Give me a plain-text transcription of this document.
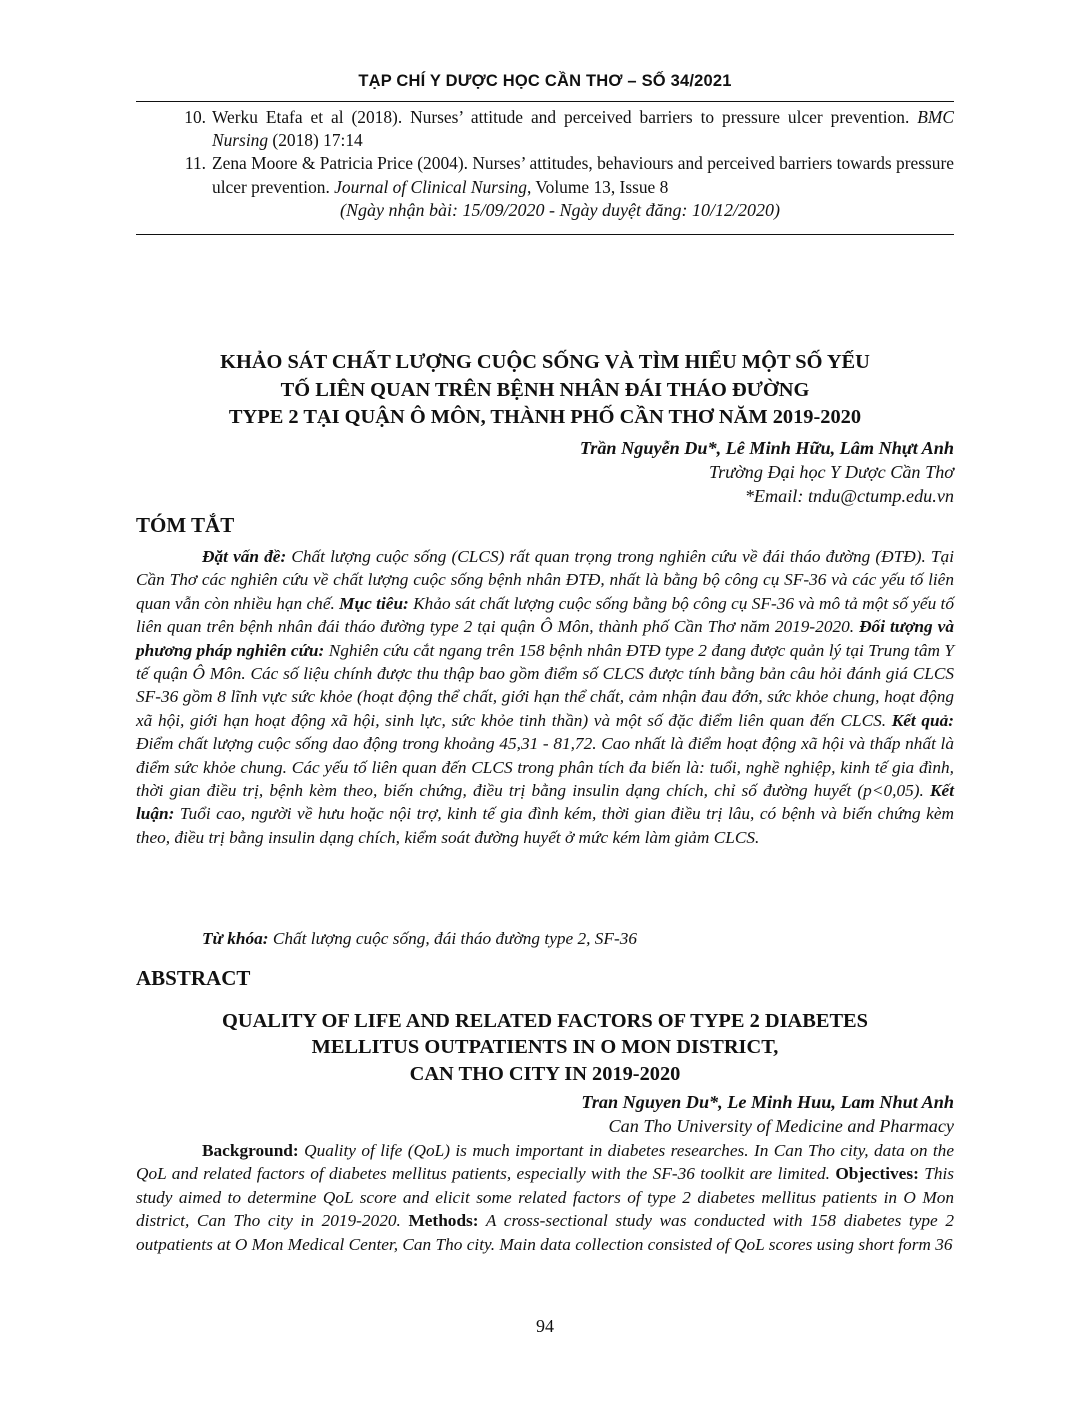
TẠP CHÍ Y DƯỢC HỌC CẦN THƠ – SỐ 34/2021
10. Werku Etafa et al (2018). Nurses’ attitude and perceived barriers to pressure ulcer prevention. BMC Nursing (2018) 17:14
11. Zena Moore & Patricia Price (2004). Nurses’ attitudes, behaviours and perceived barriers towards pressure ulcer prevention. Journal of Clinical Nursing, Volume 13, Issue 8
(Ngày nhận bài: 15/09/2020 - Ngày duyệt đăng: 10/12/2020)
KHẢO SÁT CHẤT LƯỢNG CUỘC SỐNG VÀ TÌM HIỂU MỘT SỐ YẾU
TỐ LIÊN QUAN TRÊN BỆNH NHÂN ĐÁI THÁO ĐƯỜNG
TYPE 2 TẠI QUẬN Ô MÔN, THÀNH PHỐ CẦN THƠ NĂM 2019-2020
Trần Nguyễn Du*, Lê Minh Hữu, Lâm Nhựt Anh
Trường Đại học Y Dược Cần Thơ
*Email: tndu@ctump.edu.vn
TÓM TẮT

Đặt vấn đề: Chất lượng cuộc sống (CLCS) rất quan trọng trong nghiên cứu về đái tháo đường (ĐTĐ). Tại Cần Thơ các nghiên cứu về chất lượng cuộc sống bệnh nhân ĐTĐ, nhất là bằng bộ công cụ SF-36 và các yếu tố liên quan vẫn còn nhiều hạn chế. Mục tiêu: Khảo sát chất lượng cuộc sống bằng bộ công cụ SF-36 và mô tả một số yếu tố liên quan trên bệnh nhân đái tháo đường type 2 tại quận Ô Môn, thành phố Cần Thơ năm 2019-2020. Đối tượng và phương pháp nghiên cứu: Nghiên cứu cắt ngang trên 158 bệnh nhân ĐTĐ type 2 đang được quản lý tại Trung tâm Y tế quận Ô Môn. Các số liệu chính được thu thập bao gồm điểm số CLCS được tính bằng bản câu hỏi đánh giá CLCS SF-36 gồm 8 lĩnh vực sức khỏe (hoạt động thể chất, giới hạn thể chất, cảm nhận đau đớn, sức khỏe chung, hoạt động xã hội, giới hạn hoạt động xã hội, sinh lực, sức khỏe tinh thần) và một số đặc điểm liên quan đến CLCS. Kết quả: Điểm chất lượng cuộc sống dao động trong khoảng 45,31 - 81,72. Cao nhất là điểm hoạt động xã hội và thấp nhất là điểm sức khỏe chung. Các yếu tố liên quan đến CLCS trong phân tích đa biến là: tuổi, nghề nghiệp, kinh tế gia đình, thời gian điều trị, bệnh kèm theo, biến chứng, điều trị bằng insulin dạng chích, chỉ số đường huyết (p<0,05). Kết luận: Tuổi cao, người về hưu hoặc nội trợ, kinh tế gia đình kém, thời gian điều trị lâu, có bệnh và biến chứng kèm theo, điều trị bằng insulin dạng chích, kiểm soát đường huyết ở mức kém làm giảm CLCS.

Từ khóa: Chất lượng cuộc sống, đái tháo đường type 2, SF-36
ABSTRACT
QUALITY OF LIFE AND RELATED FACTORS OF TYPE 2 DIABETES
MELLITUS OUTPATIENTS IN O MON DISTRICT,
CAN THO CITY IN 2019-2020
Tran Nguyen Du*, Le Minh Huu, Lam Nhut Anh
Can Tho University of Medicine and Pharmacy

Background: Quality of life (QoL) is much important in diabetes researches. In Can Tho city, data on the QoL and related factors of diabetes mellitus patients, especially with the SF-36 toolkit are limited. Objectives: This study aimed to determine QoL score and elicit some related factors of type 2 diabetes mellitus patients in O Mon district, Can Tho city in 2019-2020. Methods: A cross-sectional study was conducted with 158 diabetes type 2 outpatients at O Mon Medical Center, Can Tho city. Main data collection consisted of QoL scores using short form 36

94
